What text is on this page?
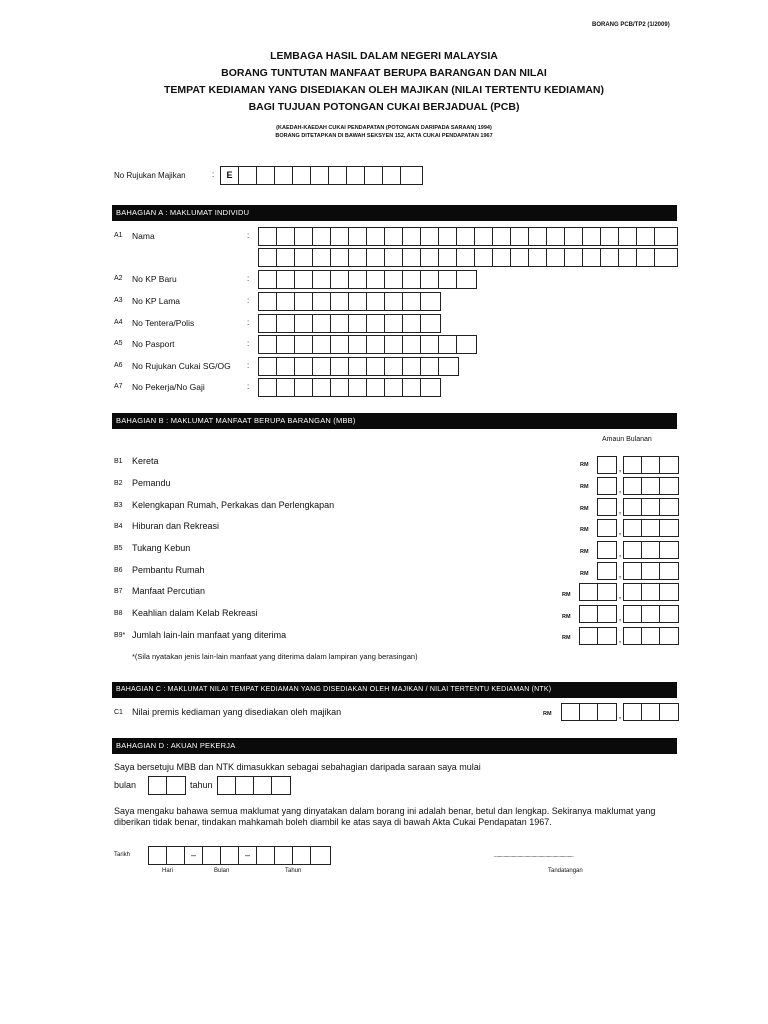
BORANG PCB/TP2 (1/2009)
LEMBAGA HASIL DALAM NEGERI MALAYSIA
BORANG TUNTUTAN MANFAAT BERUPA BARANGAN DAN NILAI
TEMPAT KEDIAMAN YANG DISEDIAKAN OLEH MAJIKAN (NILAI TERTENTU KEDIAMAN)
BAGI TUJUAN POTONGAN CUKAI BERJADUAL (PCB)
(KAEDAH-KAEDAH CUKAI PENDAPATAN (POTONGAN DARIPADA SARAAN) 1994)
BORANG DITETAPKAN DI BAWAH SEKSYEN 152, AKTA CUKAI PENDAPATAN 1967
No Rujukan Majikan	:	E
BAHAGIAN A : MAKLUMAT INDIVIDU
A1 Nama	:
A2 No KP Baru	:
A3 No KP Lama	:
A4 No Tentera/Polis	:
A5 No Pasport	:
A6 No Rujukan Cukai SG/OG :
A7 No Pekerja/No Gaji	:
BAHAGIAN B : MAKLUMAT MANFAAT BERUPA BARANGAN (MBB)
Amaun Bulanan
B1 Kereta	RM	,
B2 Pemandu	RM	,
B3 Kelengkapan Rumah, Perkakas dan Perlengkapan	RM	,
B4 Hiburan dan Rekreasi	RM	,
B5 Tukang Kebun	RM	,
B6 Pembantu Rumah	RM	,
B7 Manfaat Percutian	RM	,
B8 Keahlian dalam Kelab Rekreasi	RM	,
B9* Jumlah lain-lain manfaat yang diterima	RM	,
*(Sila nyatakan jenis lain-lain manfaat yang diterima dalam lampiran yang berasingan)
BAHAGIAN C : MAKLUMAT NILAI TEMPAT KEDIAMAN YANG DISEDIAKAN OLEH MAJIKAN / NILAI TERTENTU KEDIAMAN (NTK)
C1 Nilai premis kediaman yang disediakan oleh majikan	RM	,
BAHAGIAN D : AKUAN PEKERJA
Saya bersetuju MBB dan NTK dimasukkan sebagai sebahagian daripada saraan saya mulai
bulan	tahun
Saya mengaku bahawa semua maklumat yang dinyatakan dalam borang ini adalah benar, betul dan lengkap. Sekiranya maklumat yang diberikan tidak benar, tindakan mahkamah boleh diambil ke atas saya di bawah Akta Cukai Pendapatan 1967.
Tarikh	–	–
Hari	Bulan	Tahun
....................................................................
Tandatangan
